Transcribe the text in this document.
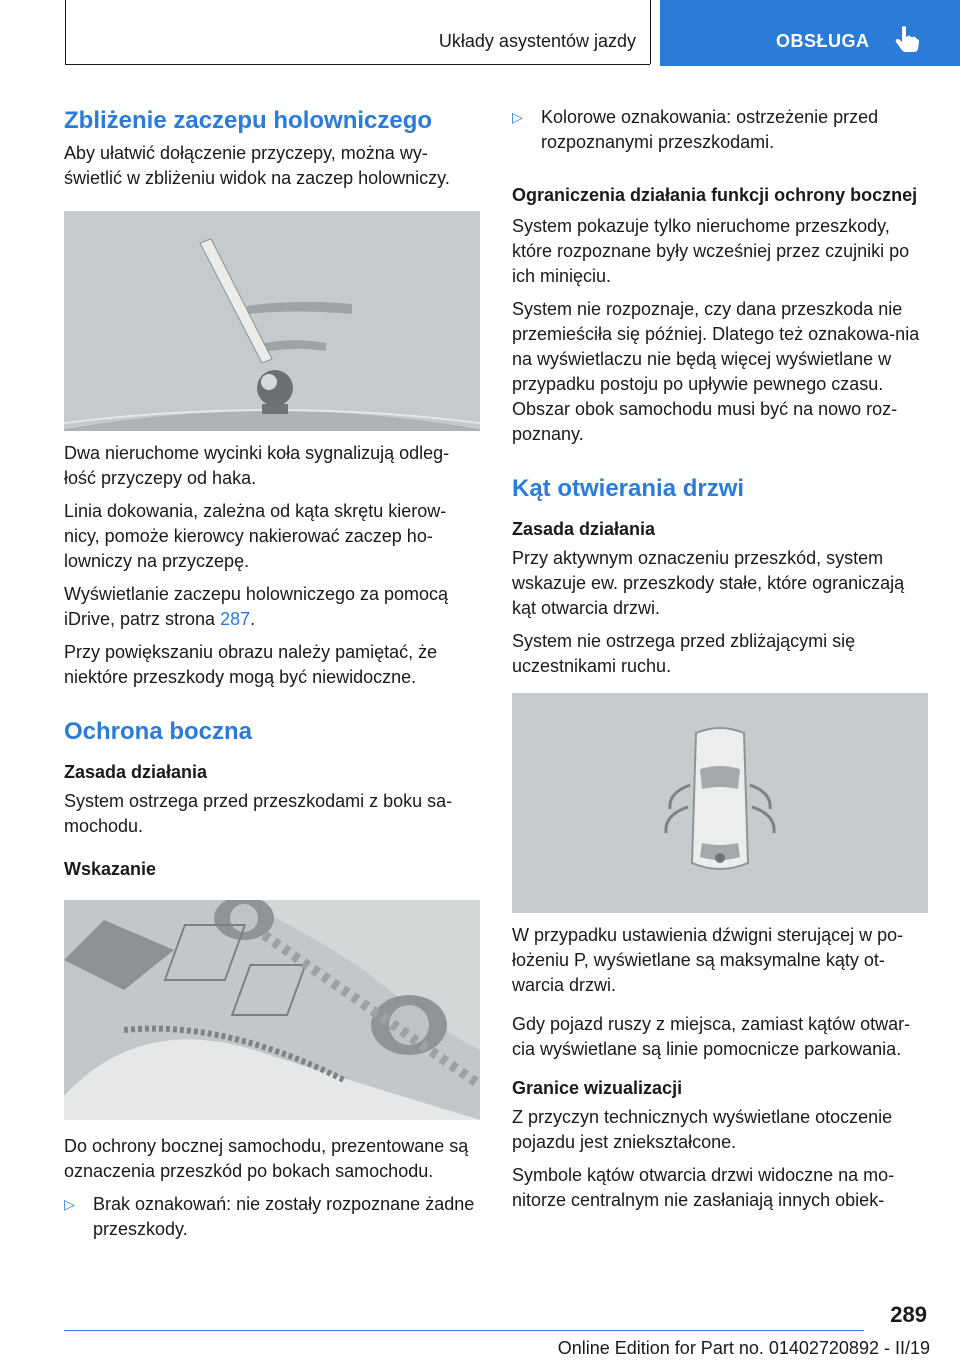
Układy asystentów jazdy	OBSŁUGA
Zbliżenie zaczepu holowniczego

Aby ułatwić dołączenie przyczepy, można wy-świetlić w zbliżeniu widok na zaczep holowniczy.

Dwa nieruchome wycinki koła sygnalizują odleg-łość przyczepy od haka.

Linia dokowania, zależna od kąta skrętu kierow-nicy, pomoże kierowcy nakierować zaczep ho-lowniczy na przyczepę.

Wyświetlanie zaczepu holowniczego za pomocą iDrive, patrz strona 287.

Przy powiększaniu obrazu należy pamiętać, że niektóre przeszkody mogą być niewidoczne.

Ochrona boczna
Zasada działania

System ostrzega przed przeszkodami z boku sa-mochodu.

Wskazanie

Do ochrony bocznej samochodu, prezentowane są oznaczenia przeszkód po bokach samochodu.

▷ Brak oznakowań: nie zostały rozpoznane żadne przeszkody.
▷ Kolorowe oznakowania: ostrzeżenie przed rozpoznanymi przeszkodami.
Ograniczenia działania funkcji ochrony bocznej

System pokazuje tylko nieruchome przeszkody, które rozpoznane były wcześniej przez czujniki po ich minięciu.

System nie rozpoznaje, czy dana przeszkoda nie przemieściła się później. Dlatego też oznakowa-nia na wyświetlaczu nie będą więcej wyświetlane w przypadku postoju po upływie pewnego czasu. Obszar obok samochodu musi być na nowo roz-poznany.

Kąt otwierania drzwi
Zasada działania

Przy aktywnym oznaczeniu przeszkód, system wskazuje ew. przeszkody stałe, które ograniczają kąt otwarcia drzwi.

System nie ostrzega przed zbliżającymi się uczestnikami ruchu.

W przypadku ustawienia dźwigni sterującej w po-łożeniu P, wyświetlane są maksymalne kąty ot-warcia drzwi.

Gdy pojazd ruszy z miejsca, zamiast kątów otwar-cia wyświetlane są linie pomocnicze parkowania.

Granice wizualizacji

Z przyczyn technicznych wyświetlane otoczenie pojazdu jest zniekształcone.

Symbole kątów otwarcia drzwi widoczne na mo-nitorze centralnym nie zasłaniają innych obiek-

289
Online Edition for Part no. 01402720892 - II/19
